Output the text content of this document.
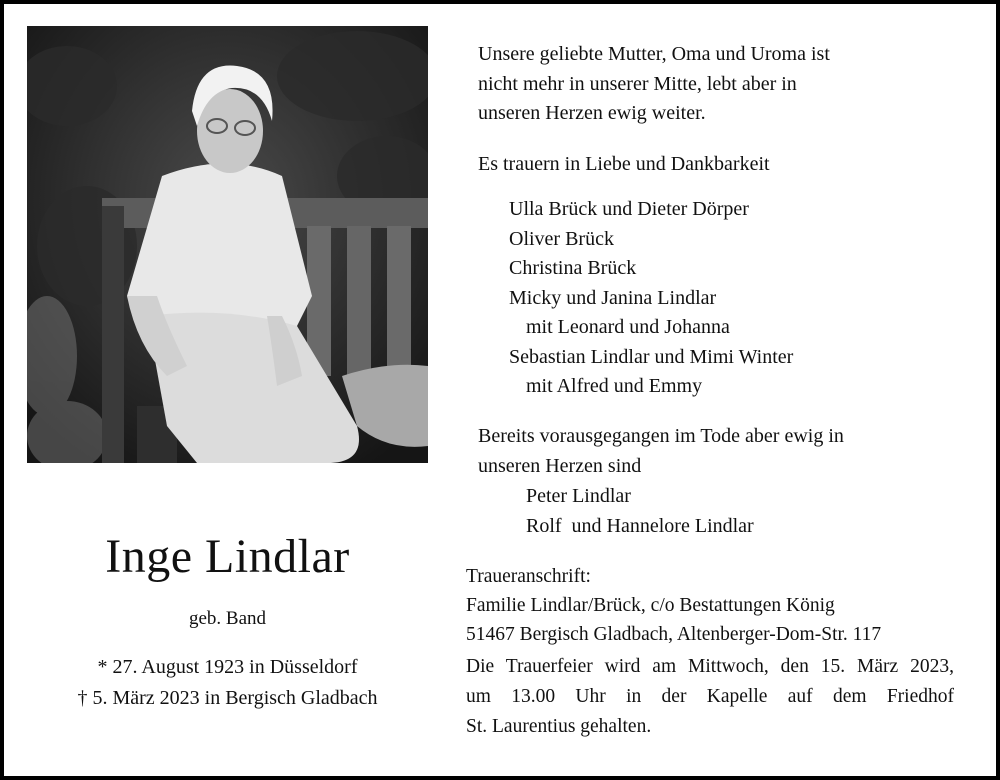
Inge Lindlar
geb. Band
* 27. August 1923 in Düsseldorf
† 5. März 2023 in Bergisch Gladbach
Unsere geliebte Mutter, Oma und Uroma ist
nicht mehr in unserer Mitte, lebt aber in
unseren Herzen ewig weiter.
Es trauern in Liebe und Dankbarkeit
Ulla Brück und Dieter Dörper
Oliver Brück
Christina Brück
Micky und Janina Lindlar
mit Leonard und Johanna
Sebastian Lindlar und Mimi Winter
mit Alfred und Emmy
Bereits vorausgegangen im Tode aber ewig in
unseren Herzen sind
Peter Lindlar
Rolf  und Hannelore Lindlar
Traueranschrift:
Familie Lindlar/Brück, c/o Bestattungen König
51467 Bergisch Gladbach, Altenberger-Dom-Str. 117
Die Trauerfeier wird am Mittwoch, den 15. März 2023,
um 13.00 Uhr in der Kapelle auf dem Friedhof
St. Laurentius gehalten.
